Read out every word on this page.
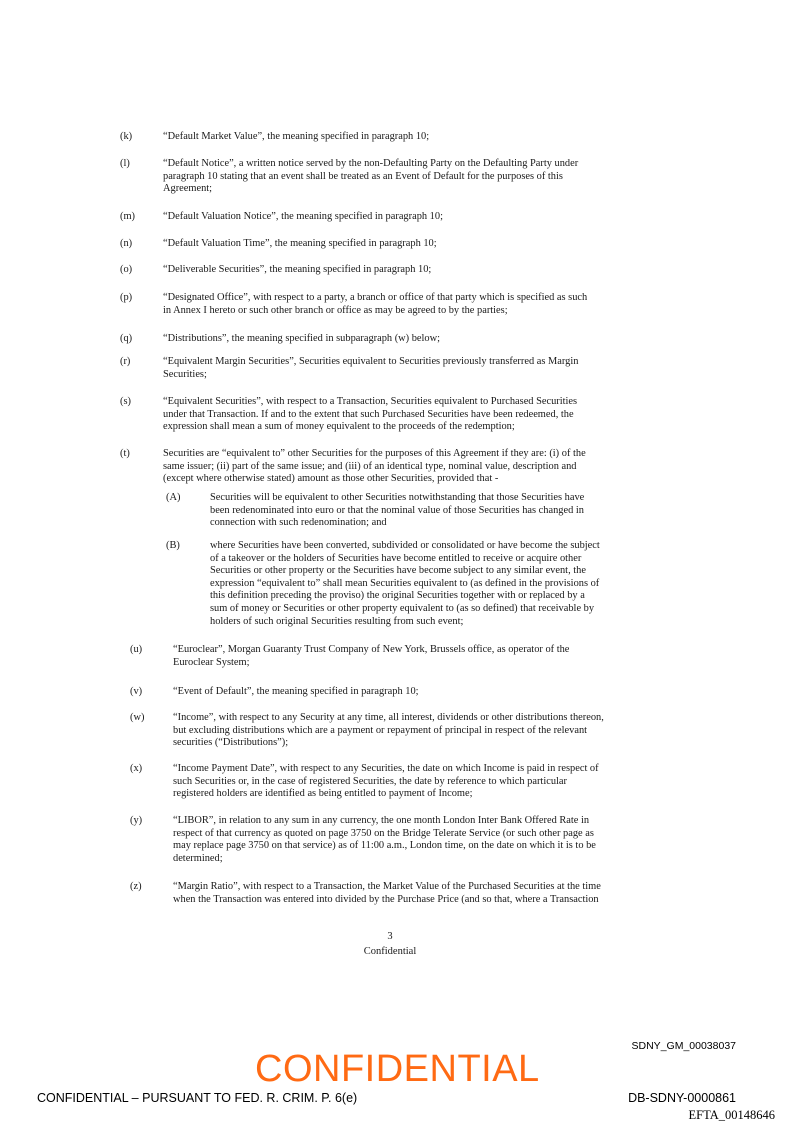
(k)	“Default Market Value”, the meaning specified in paragraph 10;
(l)	“Default Notice”, a written notice served by the non-Defaulting Party on the Defaulting Party under
paragraph 10 stating that an event shall be treated as an Event of Default for the purposes of this
Agreement;
(m)	“Default Valuation Notice”, the meaning specified in paragraph 10;
(n)	“Default Valuation Time”, the meaning specified in paragraph 10;
(o)	“Deliverable Securities”, the meaning specified in paragraph 10;
(p)	“Designated Office”, with respect to a party, a branch or office of that party which is specified as such
in Annex I hereto or such other branch or office as may be agreed to by the parties;
(q)	“Distributions”, the meaning specified in subparagraph (w) below;
(r)	“Equivalent Margin Securities”, Securities equivalent to Securities previously transferred as Margin
Securities;
(s)	“Equivalent Securities”, with respect to a Transaction, Securities equivalent to Purchased Securities
under that Transaction. If and to the extent that such Purchased Securities have been redeemed, the
expression shall mean a sum of money equivalent to the proceeds of the redemption;
(t)	Securities are “equivalent to” other Securities for the purposes of this Agreement if they are: (i) of the
same issuer; (ii) part of the same issue; and (iii) of an identical type, nominal value, description and
(except where otherwise stated) amount as those other Securities, provided that -
(A)	Securities will be equivalent to other Securities notwithstanding that those Securities have
been redenominated into euro or that the nominal value of those Securities has changed in
connection with such redenomination; and
(B)	where Securities have been converted, subdivided or consolidated or have become the subject
of a takeover or the holders of Securities have become entitled to receive or acquire other
Securities or other property or the Securities have become subject to any similar event, the
expression “equivalent to” shall mean Securities equivalent to (as defined in the provisions of
this definition preceding the proviso) the original Securities together with or replaced by a
sum of money or Securities or other property equivalent to (as so defined) that receivable by
holders of such original Securities resulting from such event;
(u)	“Euroclear”, Morgan Guaranty Trust Company of New York, Brussels office, as operator of the
Euroclear System;
(v)	“Event of Default”, the meaning specified in paragraph 10;
(w)	“Income”, with respect to any Security at any time, all interest, dividends or other distributions thereon,
but excluding distributions which are a payment or repayment of principal in respect of the relevant
securities (“Distributions”);
(x)	“Income Payment Date”, with respect to any Securities, the date on which Income is paid in respect of
such Securities or, in the case of registered Securities, the date by reference to which particular
registered holders are identified as being entitled to payment of Income;
(y)	“LIBOR”, in relation to any sum in any currency, the one month London Inter Bank Offered Rate in
respect of that currency as quoted on page 3750 on the Bridge Telerate Service (or such other page as
may replace page 3750 on that service) as of 11:00 a.m., London time, on the date on which it is to be
determined;
(z)	“Margin Ratio”, with respect to a Transaction, the Market Value of the Purchased Securities at the time
when the Transaction was entered into divided by the Purchase Price (and so that, where a Transaction
3
Confidential
SDNY_GM_00038037
CONFIDENTIAL
CONFIDENTIAL – PURSUANT TO FED. R. CRIM. P. 6(e)	DB-SDNY-0000861
EFTA_00148646
